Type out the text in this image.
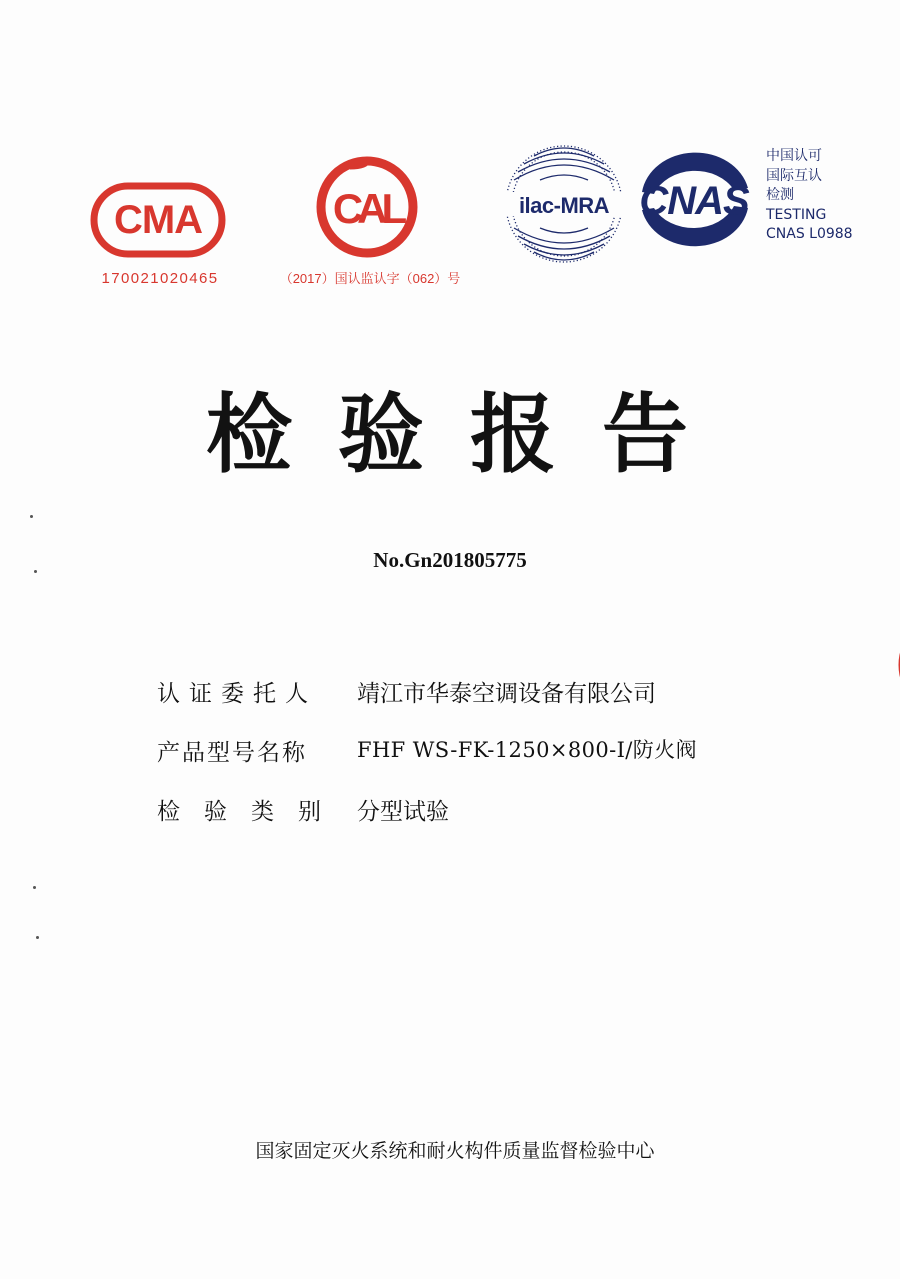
CMA
170021020465
CAL
（2017）国认监认字（062）号
ilac-MRA CNAS
中国认可
国际互认
检测
TESTING
CNAS L0988
检验报告
No.Gn201805775
认证委托人 靖江市华泰空调设备有限公司
产品型号名称	FHF WS-FK-1250×800-Ⅰ/防火阀
检验类别 分型试验
国家固定灭火系统和耐火构件质量监督检验中心
